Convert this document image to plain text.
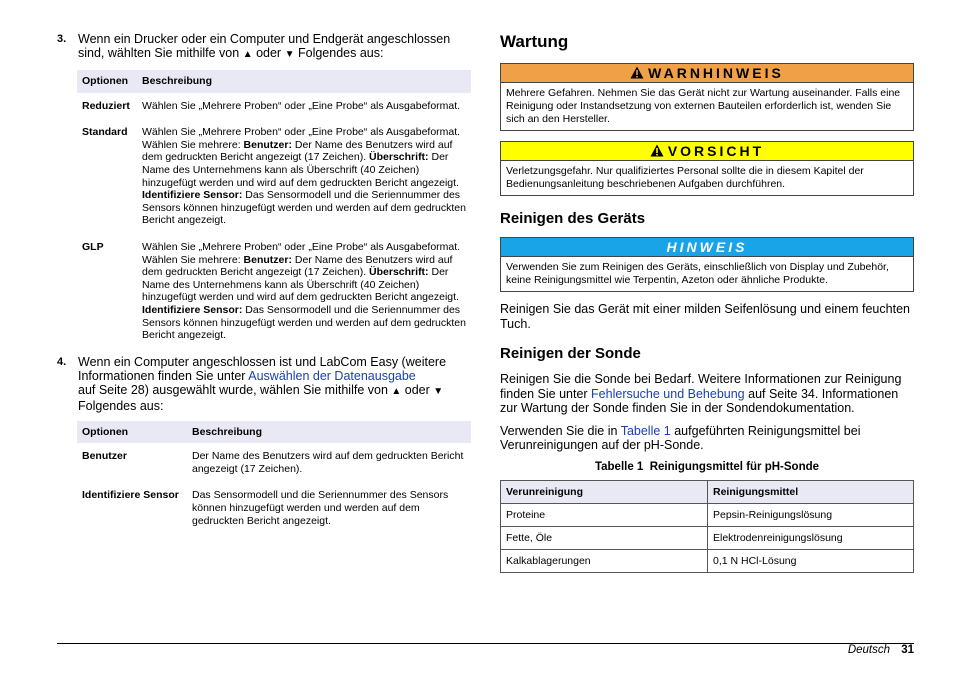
3. Wenn ein Drucker oder ein Computer und Endgerät angeschlossen sind, wählten Sie mithilfe von ▲ oder ▼ Folgendes aus:
Optionen	Beschreibung
Reduziert	Wählen Sie „Mehrere Proben“ oder „Eine Probe“ als Ausgabeformat.
Standard	Wählen Sie „Mehrere Proben“ oder „Eine Probe“ als Ausgabeformat. Wählen Sie mehrere: Benutzer: Der Name des Benutzers wird auf dem gedruckten Bericht angezeigt (17 Zeichen). Überschrift: Der Name des Unternehmens kann als Überschrift (40 Zeichen) hinzugefügt werden und wird auf dem gedruckten Bericht angezeigt. Identifiziere Sensor: Das Sensormodell und die Seriennummer des Sensors können hinzugefügt werden und werden auf dem gedruckten Bericht angezeigt.
GLP	Wählen Sie „Mehrere Proben“ oder „Eine Probe“ als Ausgabeformat. Wählen Sie mehrere: Benutzer: Der Name des Benutzers wird auf dem gedruckten Bericht angezeigt (17 Zeichen). Überschrift: Der Name des Unternehmens kann als Überschrift (40 Zeichen) hinzugefügt werden und wird auf dem gedruckten Bericht angezeigt. Identifiziere Sensor: Das Sensormodell und die Seriennummer des Sensors können hinzugefügt werden und werden auf dem gedruckten Bericht angezeigt.
4. Wenn ein Computer angeschlossen ist und LabCom Easy (weitere Informationen finden Sie unter Auswählen der Datenausgabe
auf Seite 28) ausgewählt wurde, wählen Sie mithilfe von ▲ oder ▼
Folgendes aus:
Optionen	Beschreibung
Benutzer	Der Name des Benutzers wird auf dem gedruckten Bericht angezeigt (17 Zeichen).
Identifiziere Sensor	Das Sensormodell und die Seriennummer des Sensors können hinzugefügt werden und werden auf dem gedruckten Bericht angezeigt.
Wartung
WARNHINWEIS
Mehrere Gefahren. Nehmen Sie das Gerät nicht zur Wartung auseinander. Falls eine Reinigung oder Instandsetzung von externen Bauteilen erforderlich ist, wenden Sie sich an den Hersteller.
VORSICHT
Verletzungsgefahr. Nur qualifiziertes Personal sollte die in diesem Kapitel der Bedienungsanleitung beschriebenen Aufgaben durchführen.
Reinigen des Geräts
HINWEIS
Verwenden Sie zum Reinigen des Geräts, einschließlich von Display und Zubehör, keine Reinigungsmittel wie Terpentin, Azeton oder ähnliche Produkte.

Reinigen Sie das Gerät mit einer milden Seifenlösung und einem feuchten Tuch.

Reinigen der Sonde

Reinigen Sie die Sonde bei Bedarf. Weitere Informationen zur Reinigung finden Sie unter Fehlersuche und Behebung auf Seite 34. Informationen zur Wartung der Sonde finden Sie in der Sondendokumentation.

Verwenden Sie die in Tabelle 1 aufgeführten Reinigungsmittel bei Verunreinigungen auf der pH-Sonde.

Tabelle 1 Reinigungsmittel für pH-Sonde
Verunreinigung	Reinigungsmittel
Proteine	Pepsin-Reinigungslösung
Fette, Öle	Elektrodenreinigungslösung
Kalkablagerungen	0,1 N HCl-Lösung
Deutsch 31
